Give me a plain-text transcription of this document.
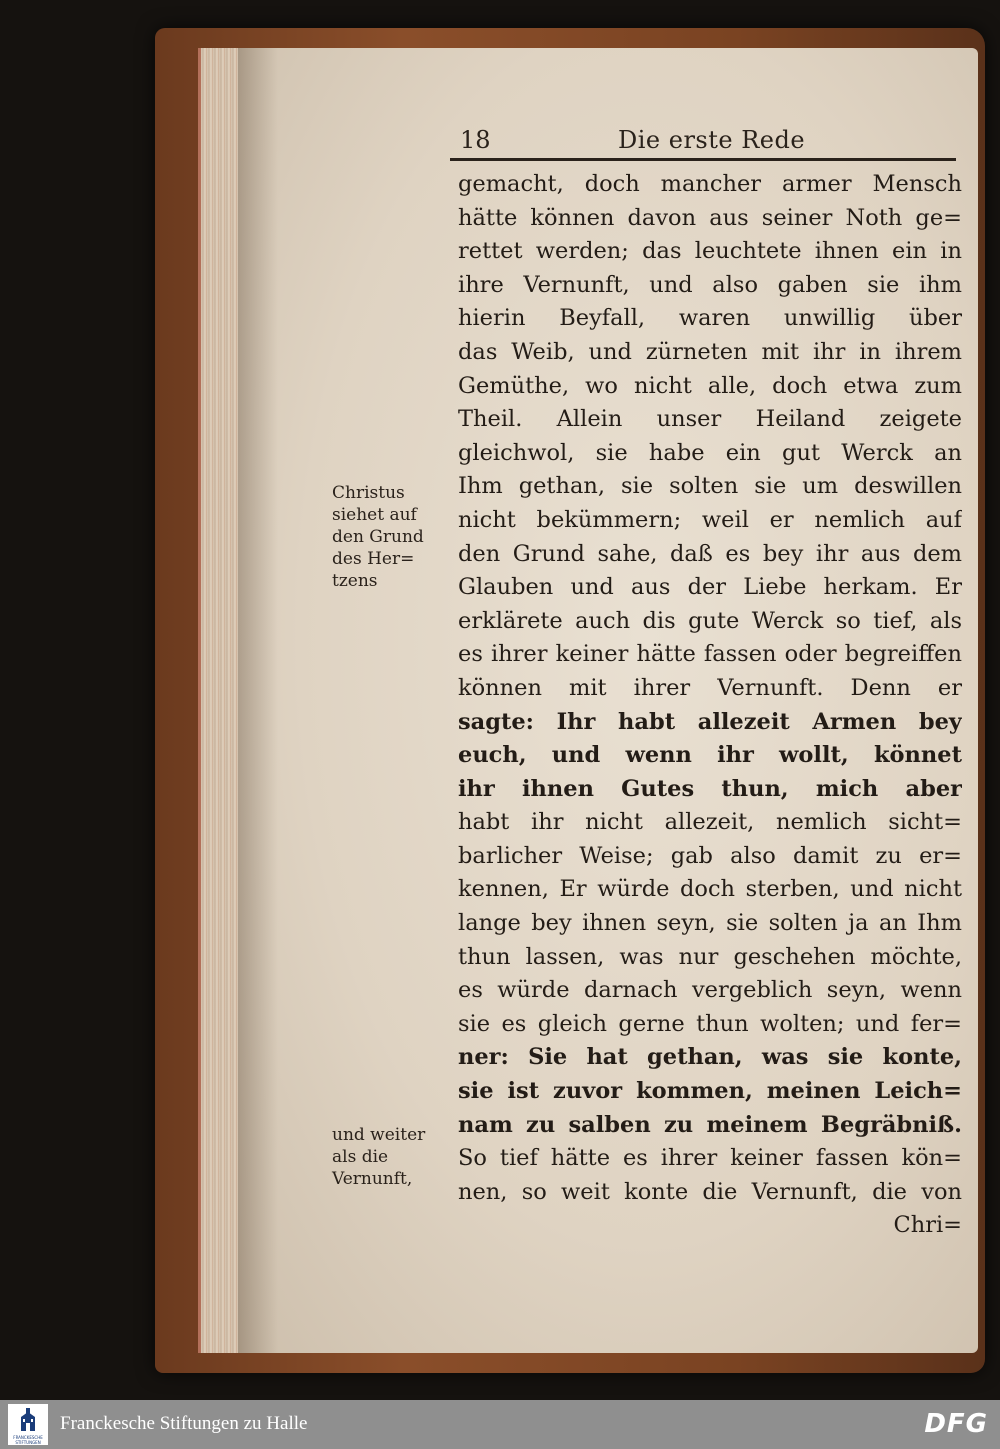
18	Die erste Rede
Christus
siehet auf
den Grund
des Her=
tzens
und weiter
als die
Vernunft,
gemacht, doch mancher armer Mensch
hätte können davon aus seiner Noth ge=
rettet werden; das leuchtete ihnen ein in
ihre Vernunft, und also gaben sie ihm
hierin Beyfall, waren unwillig über
das Weib, und zürneten mit ihr in ihrem
Gemüthe, wo nicht alle, doch etwa zum
Theil. Allein unser Heiland zeigete
gleichwol, sie habe ein gut Werck an
Ihm gethan, sie solten sie um deswillen
nicht bekümmern; weil er nemlich auf
den Grund sahe, daß es bey ihr aus dem
Glauben und aus der Liebe herkam. Er
erklärete auch dis gute Werck so tief, als
es ihrer keiner hätte fassen oder begreiffen
können mit ihrer Vernunft. Denn er
sagte: Ihr habt allezeit Armen bey
euch, und wenn ihr wollt, könnet
ihr ihnen Gutes thun, mich aber
habt ihr nicht allezeit, nemlich sicht=
barlicher Weise; gab also damit zu er=
kennen, Er würde doch sterben, und nicht
lange bey ihnen seyn, sie solten ja an Ihm
thun lassen, was nur geschehen möchte,
es würde darnach vergeblich seyn, wenn
sie es gleich gerne thun wolten; und fer=
ner: Sie hat gethan, was sie konte,
sie ist zuvor kommen, meinen Leich=
nam zu salben zu meinem Begräbniß.
So tief hätte es ihrer keiner fassen kön=
nen, so weit konte die Vernunft, die von
Chri=
FRANCKESCHE STIFTUNGEN
Franckesche Stiftungen zu Halle	DFG
